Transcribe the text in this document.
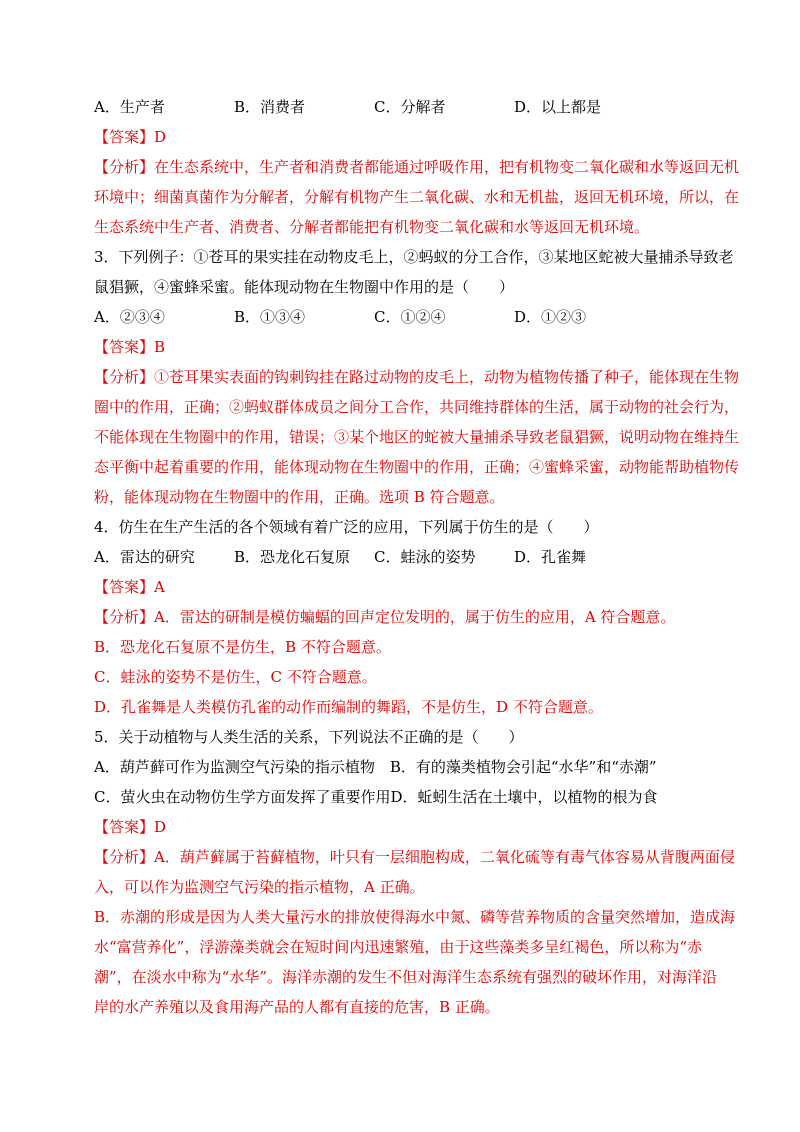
A．生产者	B．消费者	C．分解者	D．以上都是
【答案】D
【分析】在生态系统中，生产者和消费者都能通过呼吸作用，把有机物变二氧化碳和水等返回无机
环境中；细菌真菌作为分解者，分解有机物产生二氧化碳、水和无机盐，返回无机环境，所以，在
生态系统中生产者、消费者、分解者都能把有机物变二氧化碳和水等返回无机环境。
3．下列例子：①苍耳的果实挂在动物皮毛上，②蚂蚁的分工合作，③某地区蛇被大量捕杀导致老
鼠猖獗，④蜜蜂采蜜。能体现动物在生物圈中作用的是（　　）
A．②③④	B．①③④	C．①②④	D．①②③
【答案】B
【分析】①苍耳果实表面的钩刺钩挂在路过动物的皮毛上，动物为植物传播了种子，能体现在生物
圈中的作用，正确；②蚂蚁群体成员之间分工合作，共同维持群体的生活，属于动物的社会行为，
不能体现在生物圈中的作用，错误；③某个地区的蛇被大量捕杀导致老鼠猖獗，说明动物在维持生
态平衡中起着重要的作用，能体现动物在生物圈中的作用，正确；④蜜蜂采蜜，动物能帮助植物传
粉，能体现动物在生物圈中的作用，正确。选项 B 符合题意。
4．仿生在生产生活的各个领域有着广泛的应用，下列属于仿生的是（　　）
A．雷达的研究	B．恐龙化石复原 C．蛙泳的姿势	D．孔雀舞
【答案】A
【分析】A．雷达的研制是模仿蝙蝠的回声定位发明的，属于仿生的应用，A 符合题意。
B．恐龙化石复原不是仿生，B 不符合题意。
C．蛙泳的姿势不是仿生，C 不符合题意。
D．孔雀舞是人类模仿孔雀的动作而编制的舞蹈，不是仿生，D 不符合题意。
5．关于动植物与人类生活的关系，下列说法不正确的是（　　）
A．葫芦藓可作为监测空气污染的指示植物　B．有的藻类植物会引起“水华”和“赤潮”
C．萤火虫在动物仿生学方面发挥了重要作用D．蚯蚓生活在土壤中，以植物的根为食
【答案】D
【分析】A．葫芦藓属于苔藓植物，叶只有一层细胞构成，二氧化硫等有毒气体容易从背腹两面侵
入，可以作为监测空气污染的指示植物，A 正确。
B．赤潮的形成是因为人类大量污水的排放使得海水中氮、磷等营养物质的含量突然增加，造成海
水“富营养化”，浮游藻类就会在短时间内迅速繁殖，由于这些藻类多呈红褐色，所以称为“赤
潮”，在淡水中称为“水华”。海洋赤潮的发生不但对海洋生态系统有强烈的破坏作用，对海洋沿
岸的水产养殖以及食用海产品的人都有直接的危害，B 正确。
